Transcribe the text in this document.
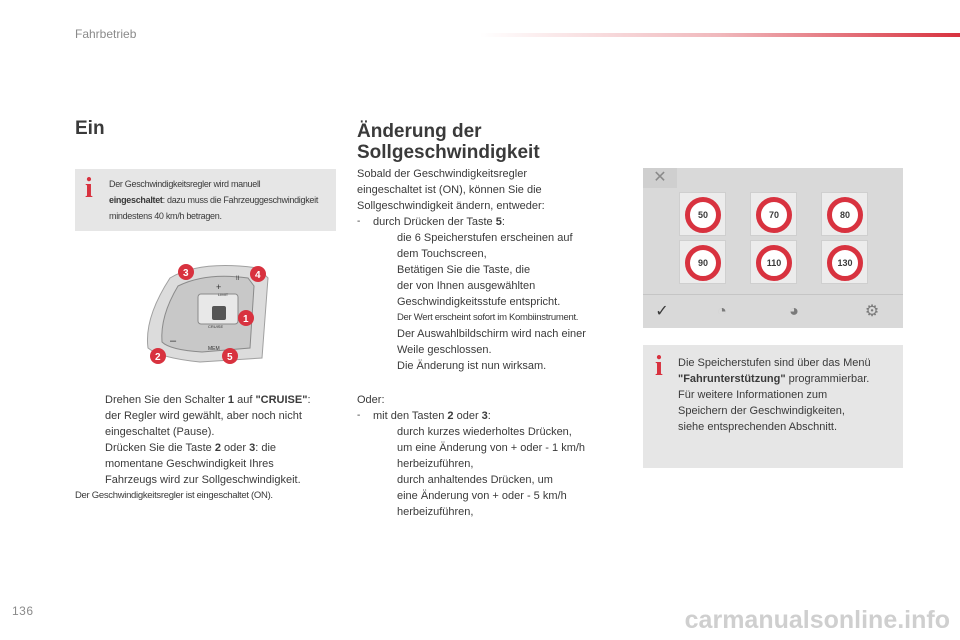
Fahrbetrieb
Ein
i Der Geschwindigkeitsregler wird manuell
eingeschaltet: dazu muss die Fahrzeuggeschwindigkeit
mindestens 40 km/h betragen.
LIMIT
CRUISE
MEM
+
–
II
3	4
1
2	5
Drehen Sie den Schalter 1 auf "CRUISE":
der Regler wird gewählt, aber noch nicht
eingeschaltet (Pause).
Drücken Sie die Taste 2 oder 3: die
momentane Geschwindigkeit Ihres
Fahrzeugs wird zur Sollgeschwindigkeit.
Der Geschwindigkeitsregler ist eingeschaltet (ON).
Änderung der
Sollgeschwindigkeit
Sobald der Geschwindigkeitsregler
eingeschaltet ist (ON), können Sie die
Sollgeschwindigkeit ändern, entweder:
- durch Drücken der Taste 5:
die 6 Speicherstufen erscheinen auf
dem Touchscreen,
Betätigen Sie die Taste, die
der von Ihnen ausgewählten
Geschwindigkeitsstufe entspricht.
Der Wert erscheint sofort im Kombiinstrument.
Der Auswahlbildschirm wird nach einer
Weile geschlossen.
Die Änderung ist nun wirksam.
Oder:
- mit den Tasten 2 oder 3:
durch kurzes wiederholtes Drücken,
um eine Änderung von + oder - 1 km/h
herbeizuführen,
durch anhaltendes Drücken, um
eine Änderung von + oder - 5 km/h
herbeizuführen,
✕
50	70	80
90	110	130
✓	◔	◕	⚙
i Die Speicherstufen sind über das Menü
"Fahrunterstützung" programmierbar.
Für weitere Informationen zum
Speichern der Geschwindigkeiten,
siehe entsprechenden Abschnitt.
136	carmanualsonline.info
